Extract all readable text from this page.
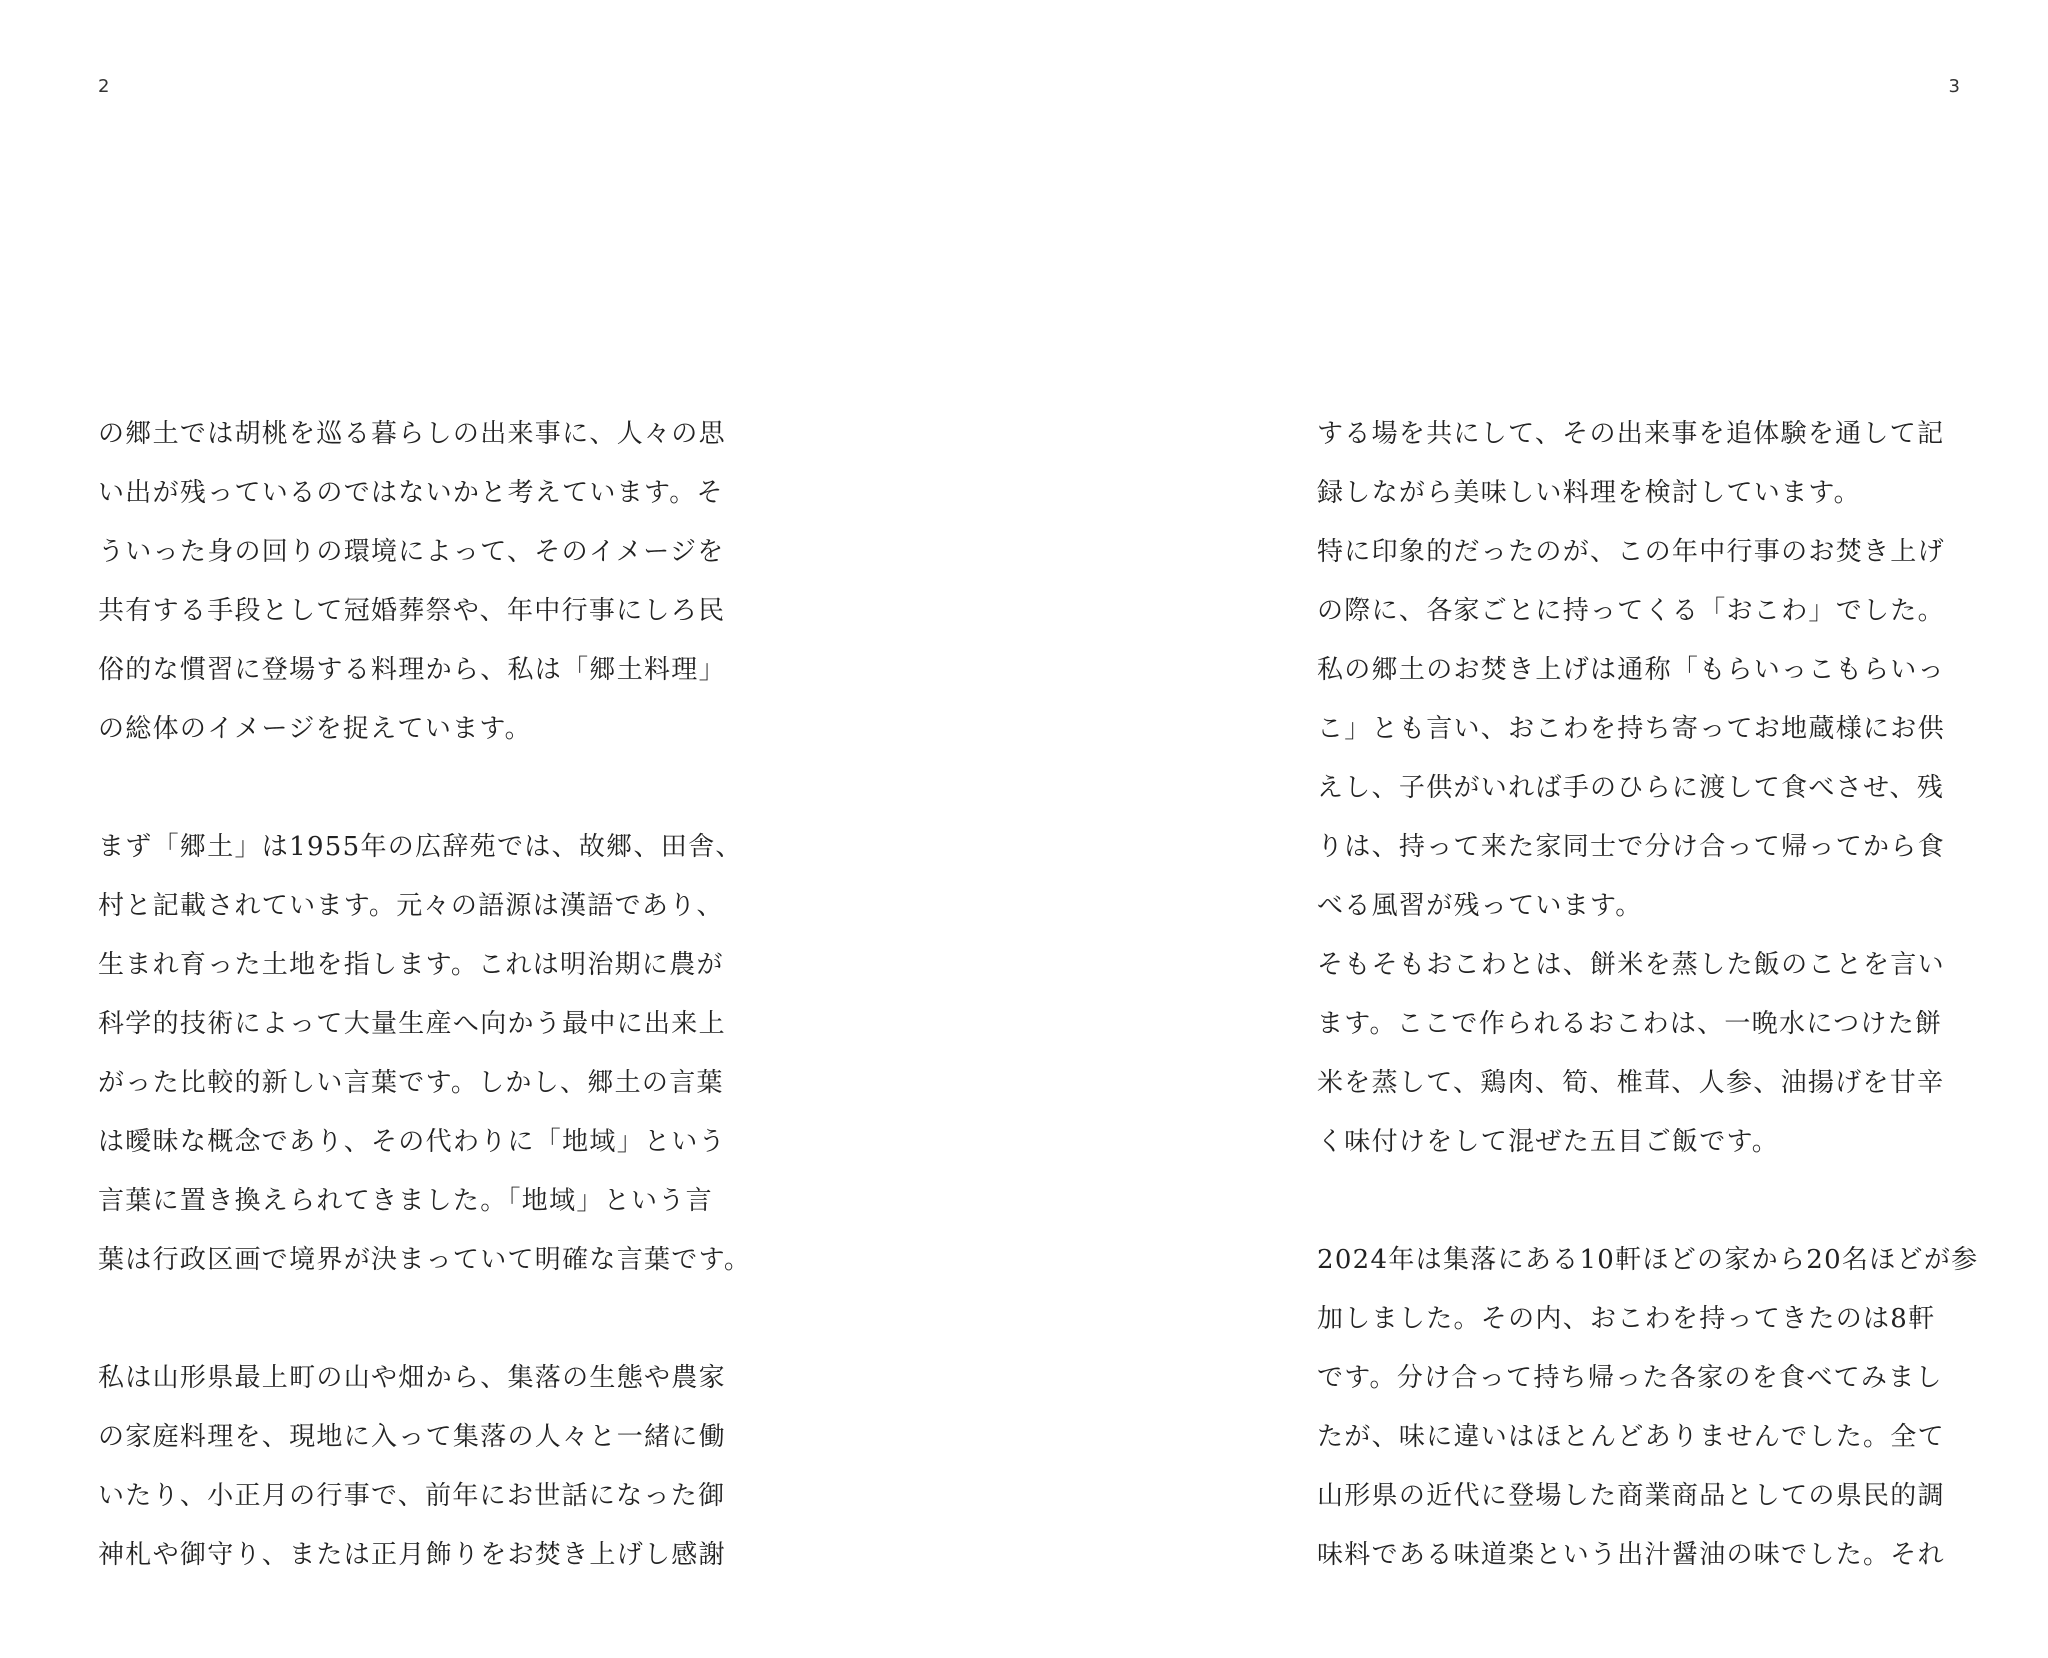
2	3
の郷土では胡桃を巡る暮らしの出来事に、人々の思
い出が残っているのではないかと考えています。そ
ういった身の回りの環境によって、そのイメージを
共有する手段として冠婚葬祭や、年中行事にしろ民
俗的な慣習に登場する料理から、私は「郷土料理」
の総体のイメージを捉えています。
まず「郷土」は1955年の広辞苑では、故郷、田舎、
村と記載されています。元々の語源は漢語であり、
生まれ育った土地を指します。これは明治期に農が
科学的技術によって大量生産へ向かう最中に出来上
がった比較的新しい言葉です。しかし、郷土の言葉
は曖昧な概念であり、その代わりに「地域」という
言葉に置き換えられてきました。「地域」という言
葉は行政区画で境界が決まっていて明確な言葉です。
私は山形県最上町の山や畑から、集落の生態や農家
の家庭料理を、現地に入って集落の人々と一緒に働
いたり、小正月の行事で、前年にお世話になった御
神札や御守り、または正月飾りをお焚き上げし感謝
する場を共にして、その出来事を追体験を通して記
録しながら美味しい料理を検討しています。
特に印象的だったのが、この年中行事のお焚き上げ
の際に、各家ごとに持ってくる「おこわ」でした。
私の郷土のお焚き上げは通称「もらいっこもらいっ
こ」とも言い、おこわを持ち寄ってお地蔵様にお供
えし、子供がいれば手のひらに渡して食べさせ、残
りは、持って来た家同士で分け合って帰ってから食
べる風習が残っています。
そもそもおこわとは、餅米を蒸した飯のことを言い
ます。ここで作られるおこわは、一晩水につけた餅
米を蒸して、鶏肉、筍、椎茸、人参、油揚げを甘辛
く味付けをして混ぜた五目ご飯です。
2024年は集落にある10軒ほどの家から20名ほどが参
加しました。その内、おこわを持ってきたのは8軒
です。分け合って持ち帰った各家のを食べてみまし
たが、味に違いはほとんどありませんでした。全て
山形県の近代に登場した商業商品としての県民的調
味料である味道楽という出汁醤油の味でした。それ
